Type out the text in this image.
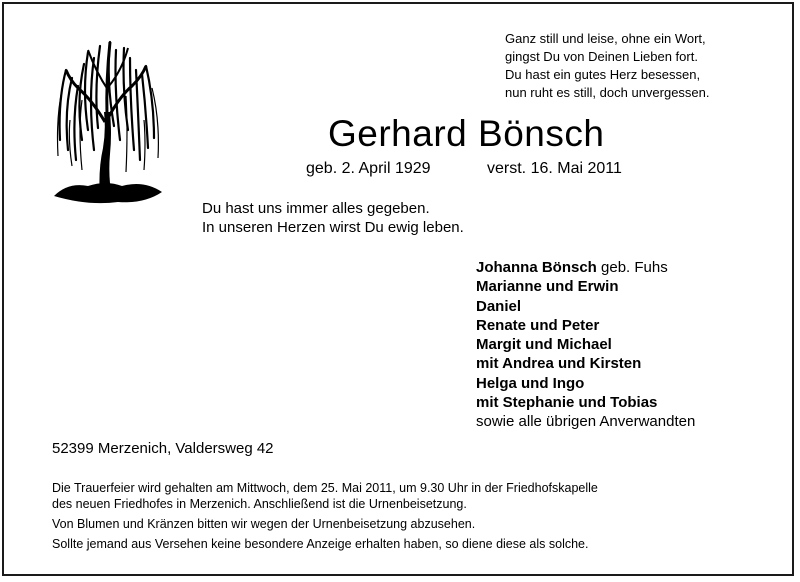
Ganz still und leise, ohne ein Wort,
gingst Du von Deinen Lieben fort.
Du hast ein gutes Herz besessen,
nun ruht es still, doch unvergessen.
Gerhard Bönsch
geb. 2. April 1929	verst. 16. Mai 2011
Du hast uns immer alles gegeben.
In unseren Herzen wirst Du ewig leben.
Johanna Bönsch geb. Fuhs
Marianne und Erwin
Daniel
Renate und Peter
Margit und Michael
mit Andrea und Kirsten
Helga und Ingo
mit Stephanie und Tobias
sowie alle übrigen Anverwandten
52399 Merzenich, Valdersweg 42
Die Trauerfeier wird gehalten am Mittwoch, dem 25. Mai 2011, um 9.30 Uhr in der Friedhofskapelle
des neuen Friedhofes in Merzenich. Anschließend ist die Urnenbeisetzung.
Von Blumen und Kränzen bitten wir wegen der Urnenbeisetzung abzusehen.
Sollte jemand aus Versehen keine besondere Anzeige erhalten haben, so diene diese als solche.
